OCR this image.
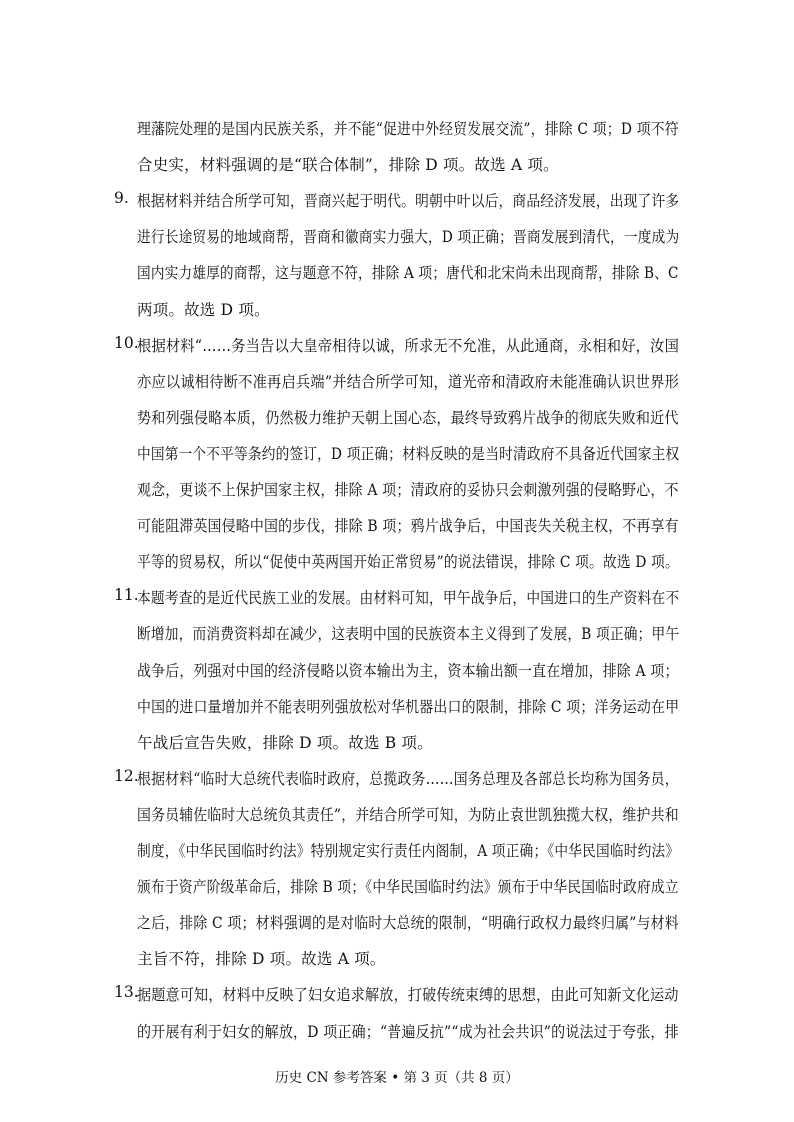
理藩院处理的是国内民族关系，并不能“促进中外经贸发展交流”，排除 C 项；D 项不符
合史实，材料强调的是“联合体制”，排除 D 项。故选 A 项。
9. 根据材料并结合所学可知，晋商兴起于明代。明朝中叶以后，商品经济发展，出现了许多
进行长途贸易的地域商帮，晋商和徽商实力强大，D 项正确；晋商发展到清代，一度成为
国内实力雄厚的商帮，这与题意不符，排除 A 项；唐代和北宋尚未出现商帮，排除 B、C
两项。故选 D 项。
10.
根据材料“……务当告以大皇帝相待以诚，所求无不允准，从此通商，永相和好，汝国
亦应以诚相待断不准再启兵端”并结合所学可知，道光帝和清政府未能准确认识世界形
势和列强侵略本质，仍然极力维护天朝上国心态，最终导致鸦片战争的彻底失败和近代
中国第一个不平等条约的签订，D 项正确；材料反映的是当时清政府不具备近代国家主权
观念，更谈不上保护国家主权，排除 A 项；清政府的妥协只会刺激列强的侵略野心，不
可能阻滞英国侵略中国的步伐，排除 B 项；鸦片战争后，中国丧失关税主权，不再享有
平等的贸易权，所以“促使中英两国开始正常贸易”的说法错误，排除 C 项。故选 D 项。
11.
本题考查的是近代民族工业的发展。由材料可知，甲午战争后，中国进口的生产资料在不
断增加，而消费资料却在减少，这表明中国的民族资本主义得到了发展，B 项正确；甲午
战争后，列强对中国的经济侵略以资本输出为主，资本输出额一直在增加，排除 A 项；
中国的进口量增加并不能表明列强放松对华机器出口的限制，排除 C 项；洋务运动在甲
午战后宣告失败，排除 D 项。故选 B 项。
12.
根据材料“临时大总统代表临时政府，总揽政务……国务总理及各部总长均称为国务员，
国务员辅佐临时大总统负其责任”，并结合所学可知，为防止袁世凯独揽大权，维护共和
制度，《中华民国临时约法》特别规定实行责任内阁制，A 项正确；《中华民国临时约法》
颁布于资产阶级革命后，排除 B 项；《中华民国临时约法》颁布于中华民国临时政府成立
之后，排除 C 项；材料强调的是对临时大总统的限制，“明确行政权力最终归属”与材料
主旨不符，排除 D 项。故选 A 项。
13.
据题意可知，材料中反映了妇女追求解放，打破传统束缚的思想，由此可知新文化运动
的开展有利于妇女的解放，D 项正确；“普遍反抗”“成为社会共识”的说法过于夸张，排
历史 CN 参考答案 • 第 3 页（共 8 页）
